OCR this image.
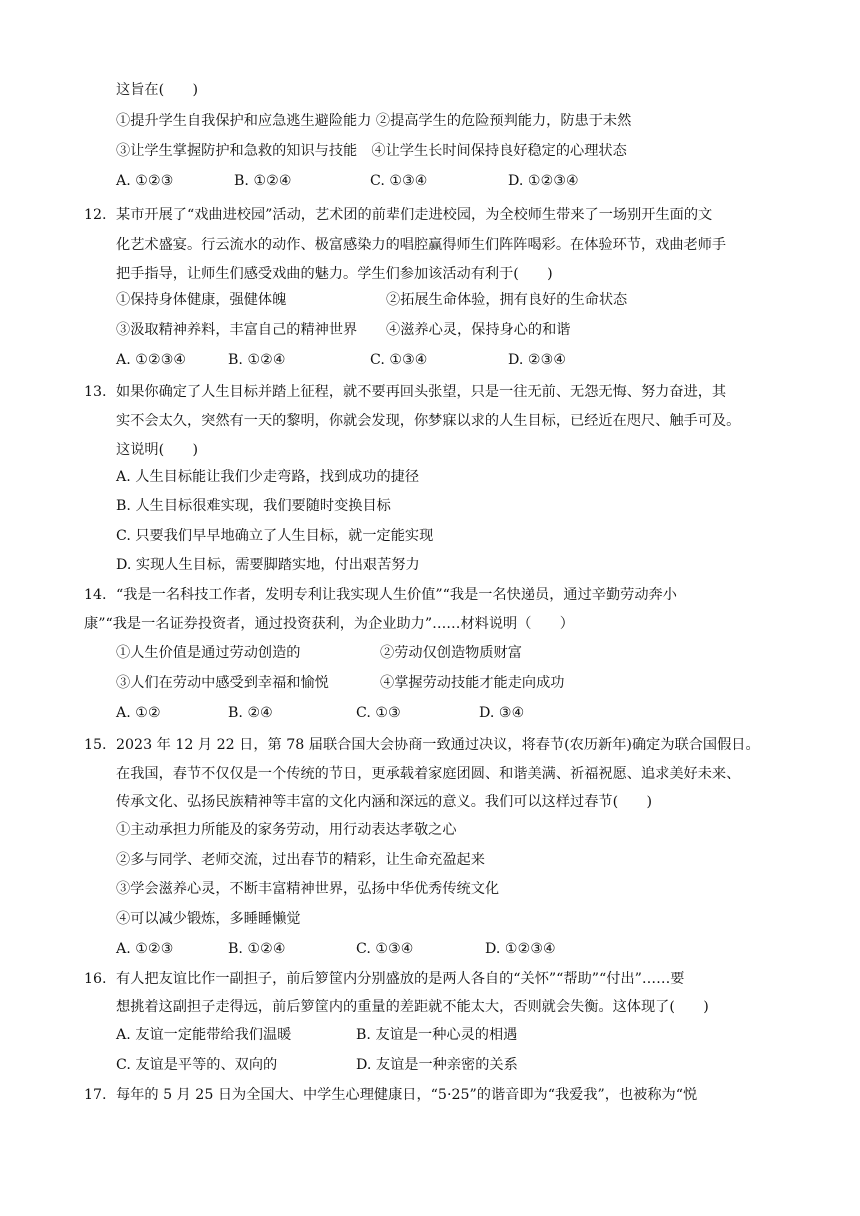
这旨在(　　)
①提升学生自我保护和应急逃生避险能力 ②提高学生的危险预判能力，防患于未然
③让学生掌握防护和急救的知识与技能　④让学生长时间保持良好稳定的心理状态
A. ①②③	B. ①②④	C. ①③④	D. ①②③④
12. 某市开展了“戏曲进校园”活动，艺术团的前辈们走进校园，为全校师生带来了一场别开生面的文
化艺术盛宴。行云流水的动作、极富感染力的唱腔赢得师生们阵阵喝彩。在体验环节，戏曲老师手
把手指导，让师生们感受戏曲的魅力。学生们参加该活动有利于(　　)
①保持身体健康，强健体魄	②拓展生命体验，拥有良好的生命状态
③汲取精神养料，丰富自己的精神世界 ④滋养心灵，保持身心的和谐
A. ①②③④	B. ①②④	C. ①③④	D. ②③④
13. 如果你确定了人生目标并踏上征程，就不要再回头张望，只是一往无前、无怨无悔、努力奋进，其
实不会太久，突然有一天的黎明，你就会发现，你梦寐以求的人生目标，已经近在咫尺、触手可及。
这说明(　　)
A. 人生目标能让我们少走弯路，找到成功的捷径
B. 人生目标很难实现，我们要随时变换目标
C. 只要我们早早地确立了人生目标，就一定能实现
D. 实现人生目标，需要脚踏实地，付出艰苦努力
14. “我是一名科技工作者，发明专利让我实现人生价值”“我是一名快递员，通过辛勤劳动奔小
康”“我是一名证券投资者，通过投资获利，为企业助力”……材料说明（　　）
①人生价值是通过劳动创造的	②劳动仅创造物质财富
③人们在劳动中感受到幸福和愉悦	④掌握劳动技能才能走向成功
A. ①②	B. ②④	C. ①③	D. ③④
15. 2023 年 12 月 22 日，第 78 届联合国大会协商一致通过决议，将春节(农历新年)确定为联合国假日。
在我国，春节不仅仅是一个传统的节日，更承载着家庭团圆、和谐美满、祈福祝愿、追求美好未来、
传承文化、弘扬民族精神等丰富的文化内涵和深远的意义。我们可以这样过春节(　　)
①主动承担力所能及的家务劳动，用行动表达孝敬之心
②多与同学、老师交流，过出春节的精彩，让生命充盈起来
③学会滋养心灵，不断丰富精神世界，弘扬中华优秀传统文化
④可以减少锻炼，多睡睡懒觉
A. ①②③	B. ①②④	C. ①③④	D. ①②③④
16. 有人把友谊比作一副担子，前后箩筐内分别盛放的是两人各自的“关怀”“帮助”“付出”……要
想挑着这副担子走得远，前后箩筐内的重量的差距就不能太大，否则就会失衡。这体现了(　　)
A. 友谊一定能带给我们温暖	B. 友谊是一种心灵的相遇
C. 友谊是平等的、双向的	D. 友谊是一种亲密的关系
17. 每年的 5 月 25 日为全国大、中学生心理健康日，“5·25”的谐音即为“我爱我”，也被称为“悦
